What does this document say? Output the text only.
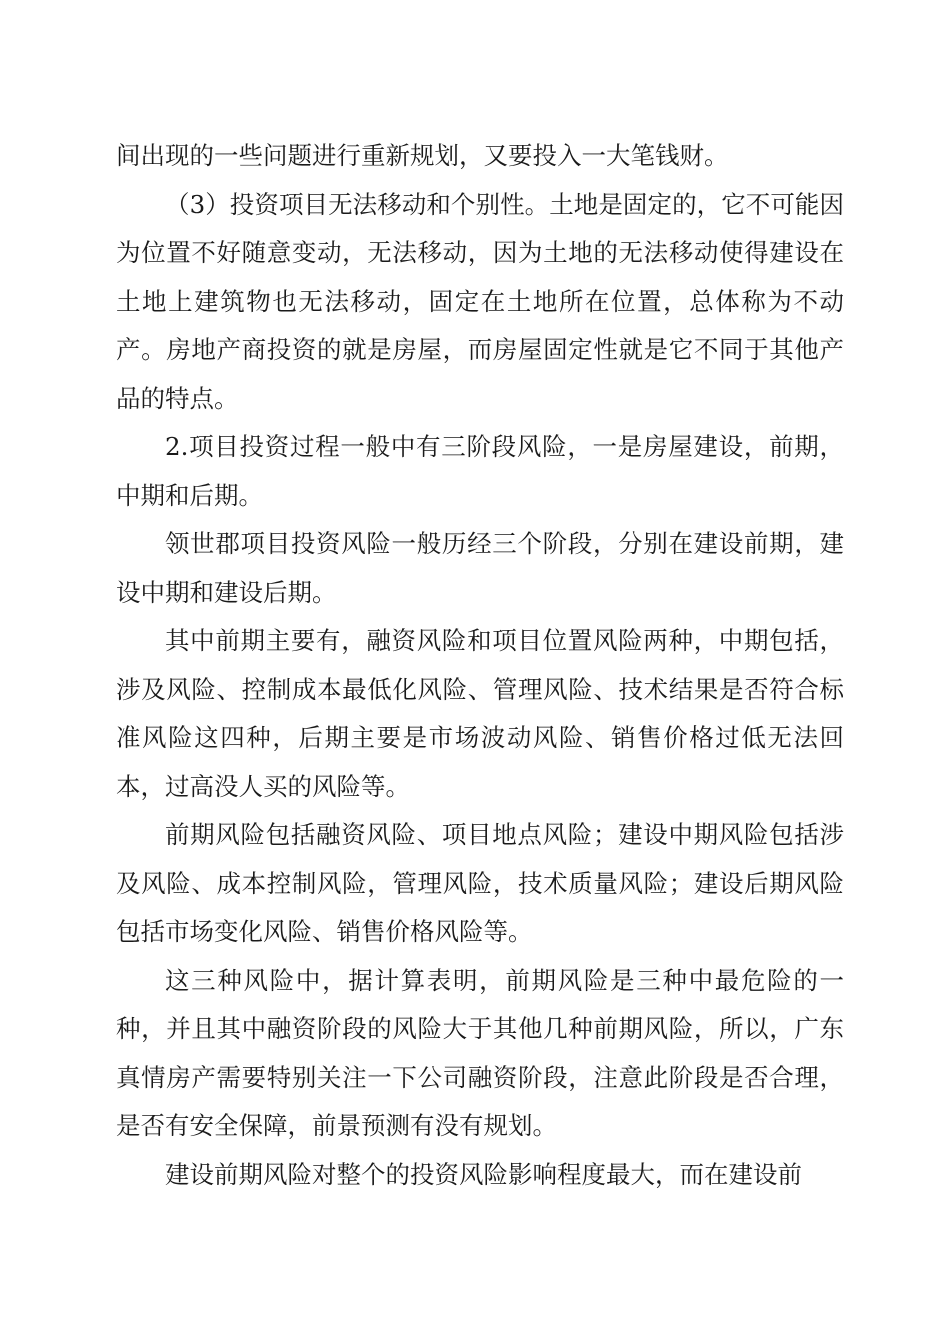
间出现的一些问题进行重新规划，又要投入一大笔钱财。

（3）投资项目无法移动和个别性。土地是固定的，它不可能因为位置不好随意变动，无法移动，因为土地的无法移动使得建设在土地上建筑物也无法移动，固定在土地所在位置，总体称为不动产。房地产商投资的就是房屋，而房屋固定性就是它不同于其他产品的特点。

2.项目投资过程一般中有三阶段风险，一是房屋建设，前期，中期和后期。

领世郡项目投资风险一般历经三个阶段，分别在建设前期，建设中期和建设后期。

其中前期主要有，融资风险和项目位置风险两种，中期包括，涉及风险、控制成本最低化风险、管理风险、技术结果是否符合标准风险这四种，后期主要是市场波动风险、销售价格过低无法回本，过高没人买的风险等。

前期风险包括融资风险、项目地点风险；建设中期风险包括涉及风险、成本控制风险，管理风险，技术质量风险；建设后期风险包括市场变化风险、销售价格风险等。

这三种风险中，据计算表明，前期风险是三种中最危险的一种，并且其中融资阶段的风险大于其他几种前期风险，所以，广东真情房产需要特别关注一下公司融资阶段，注意此阶段是否合理，是否有安全保障，前景预测有没有规划。

建设前期风险对整个的投资风险影响程度最大，而在建设前
